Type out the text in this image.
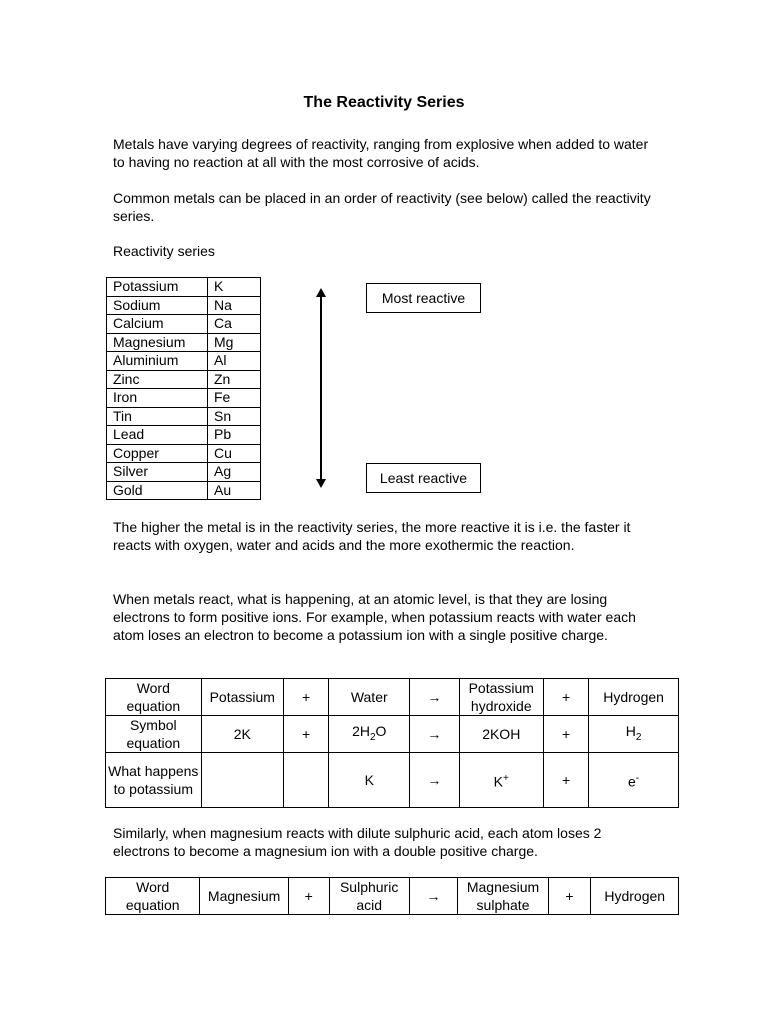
The Reactivity Series
Metals have varying degrees of reactivity, ranging from explosive when added to water to having no reaction at all with the most corrosive of acids.
Common metals can be placed in an order of reactivity (see below) called the reactivity series.
Reactivity series
Potassium	K
Sodium	Na
Calcium	Ca
Magnesium	Mg
Aluminium	Al
Zinc	Zn
Iron	Fe
Tin	Sn
Lead	Pb
Copper	Cu
Silver	Ag
Gold	Au
Most reactive
Least reactive
The higher the metal is in the reactivity series, the more reactive it is i.e. the faster it reacts with oxygen, water and acids and the more exothermic the reaction.
When metals react, what is happening, at an atomic level, is that they are losing electrons to form positive ions. For example, when potassium reacts with water each atom loses an electron to become a potassium ion with a single positive charge.
Word equation	Potassium	+	Water	→	Potassium hydroxide	+	Hydrogen
Symbol equation	2K	+	$2H_2O$	→	2KOH	+	$H_2$
What happens to potassium			K	→	K+	+	e-
Similarly, when magnesium reacts with dilute sulphuric acid, each atom loses 2 electrons to become a magnesium ion with a double positive charge.
Word equation	Magnesium	+	Sulphuric acid	→	Magnesium sulphate	+	Hydrogen
